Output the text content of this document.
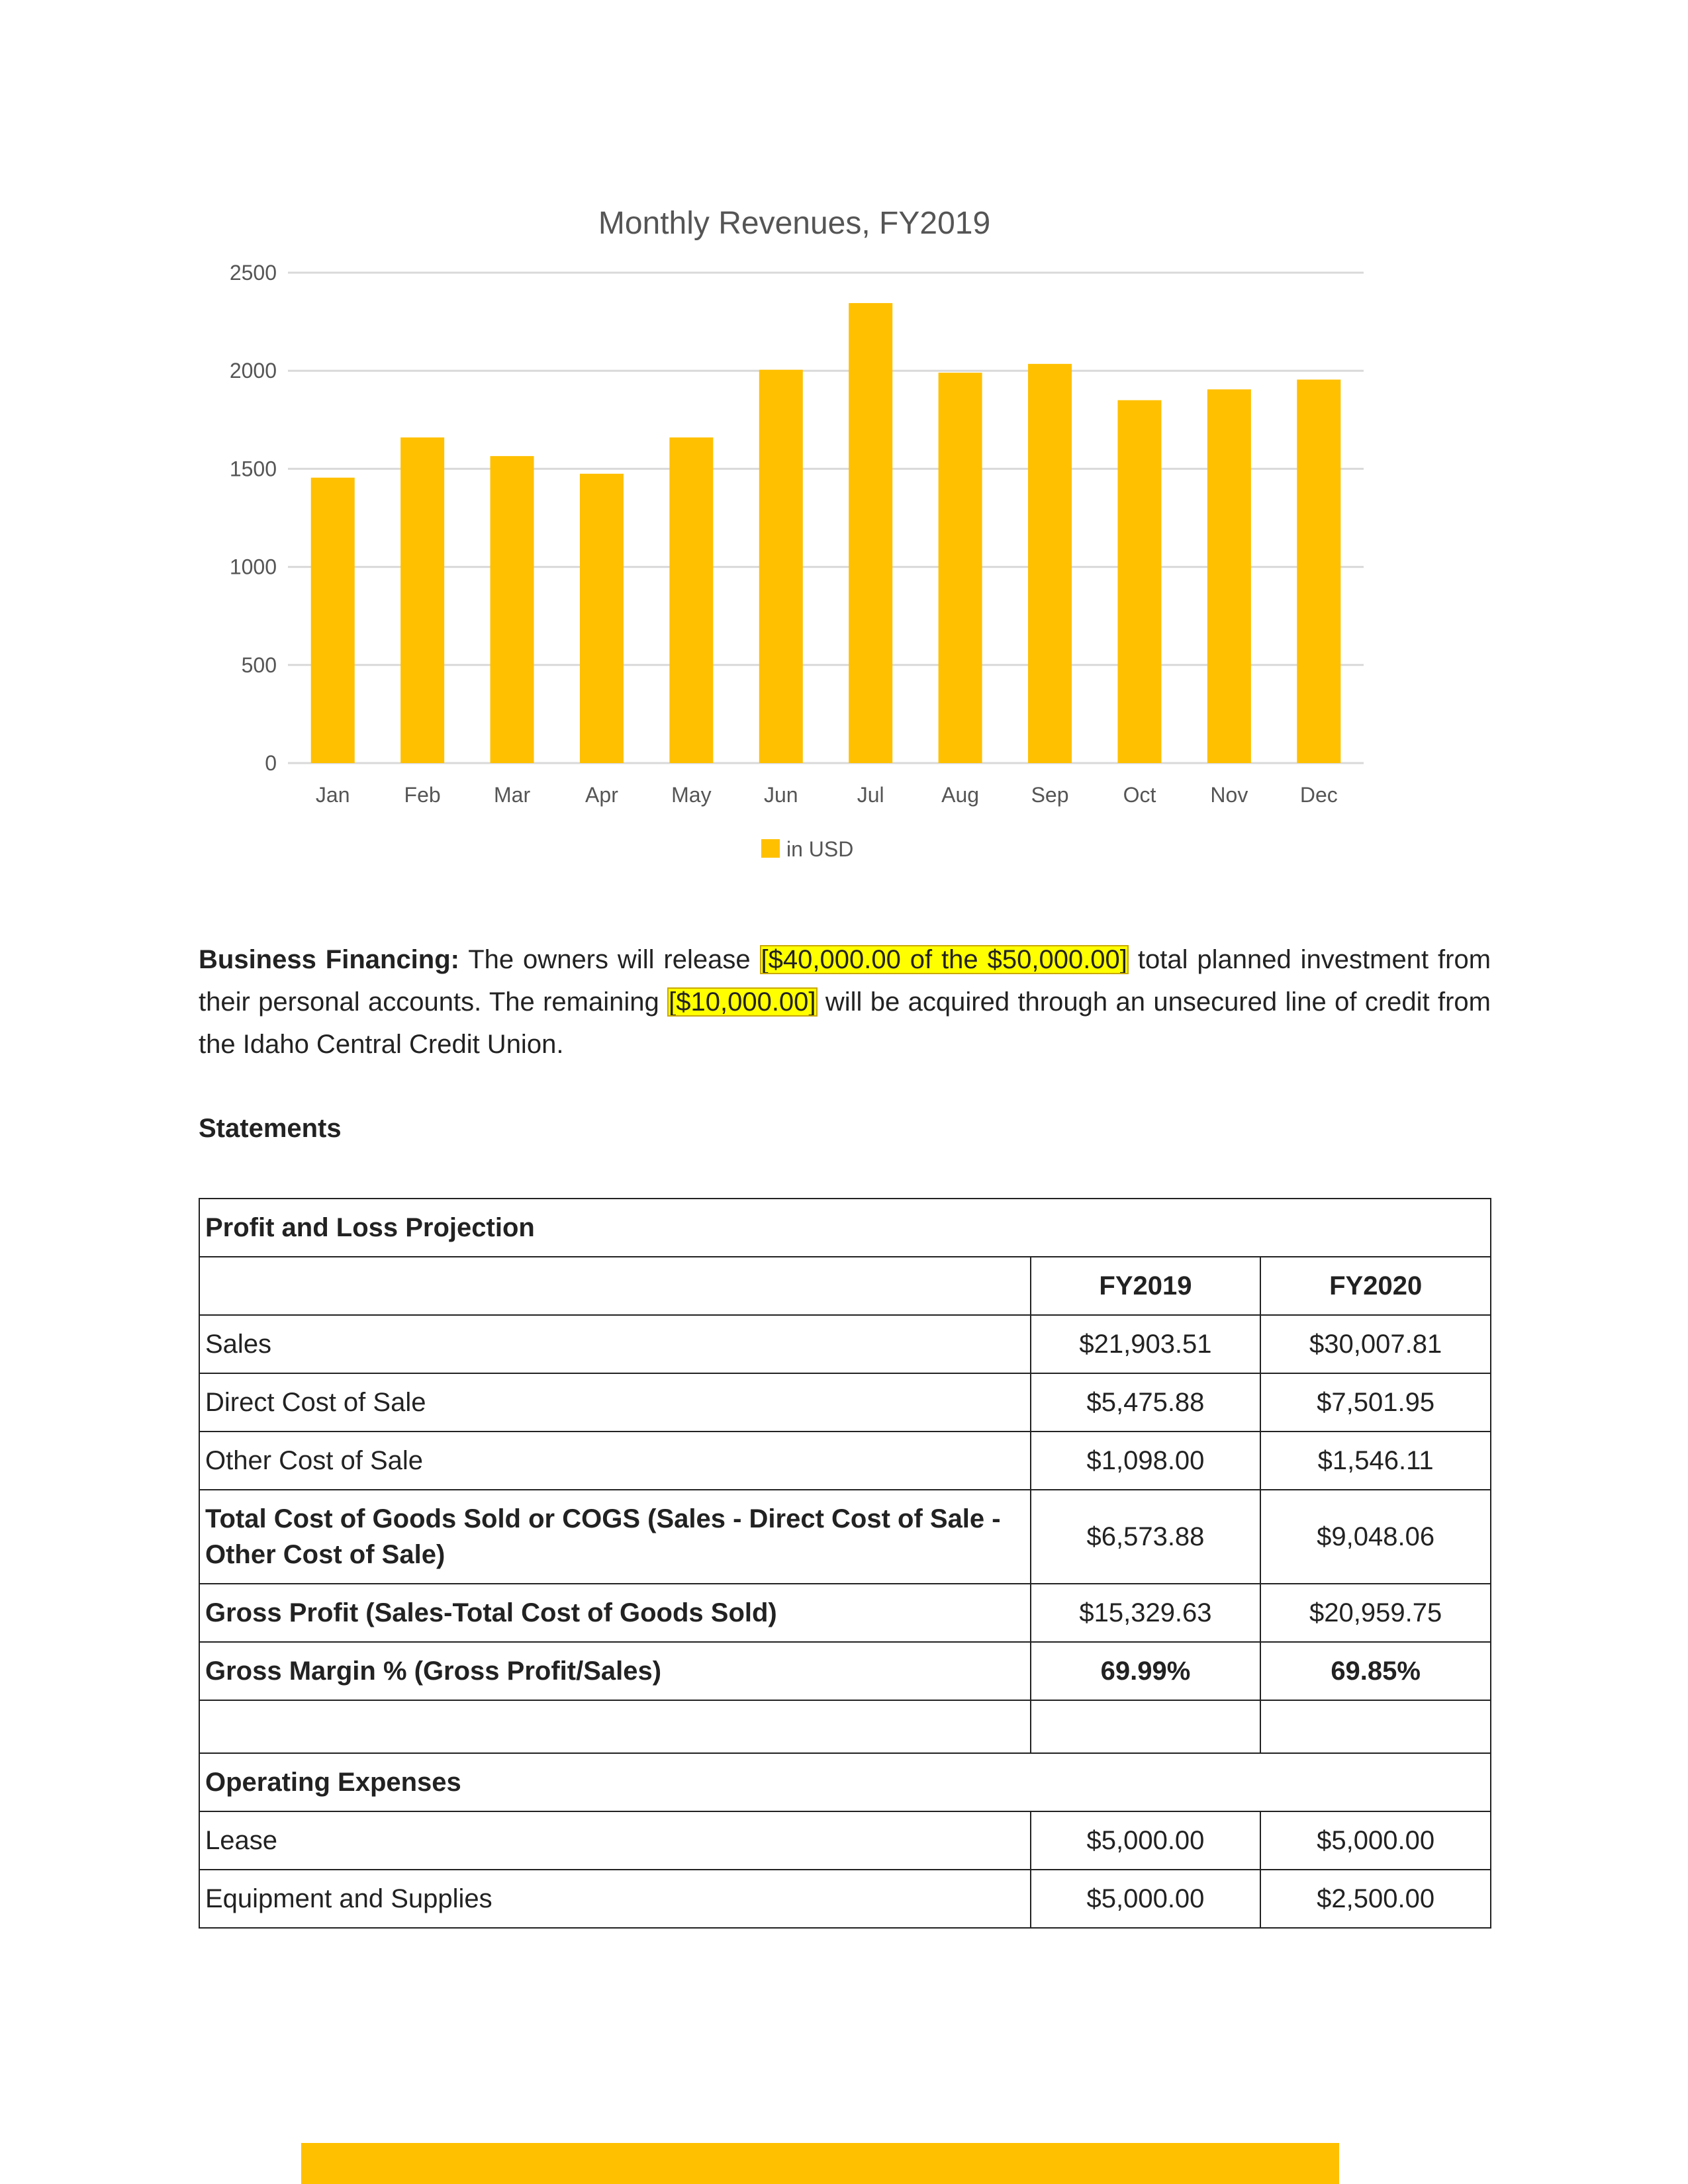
Monthly Revenues, FY2019
0
500
1000
1500
2000
2500
Jan	Feb	Mar	Apr	May Jun	Jul	Aug Sep	Oct	Nov Dec
in USD

Business Financing: The owners will release [$40,000.00 of the $50,000.00] total planned investment from their personal accounts. The remaining [$10,000.00] will be acquired through an unsecured line of credit from the Idaho Central Credit Union.

Statements

Profit and Loss Projection		
	FY2019	FY2020
Sales	$21,903.51	$30,007.81
Direct Cost of Sale	$5,475.88	$7,501.95
Other Cost of Sale	$1,098.00	$1,546.11
Total Cost of Goods Sold or COGS (Sales - Direct Cost of Sale - Other Cost of Sale)	$6,573.88	$9,048.06
Gross Profit (Sales-Total Cost of Goods Sold)	$15,329.63	$20,959.75
Gross Margin % (Gross Profit/Sales)	69.99%	69.85%

Operating Expenses		
Lease	$5,000.00	$5,000.00
Equipment and Supplies	$5,000.00	$2,500.00
